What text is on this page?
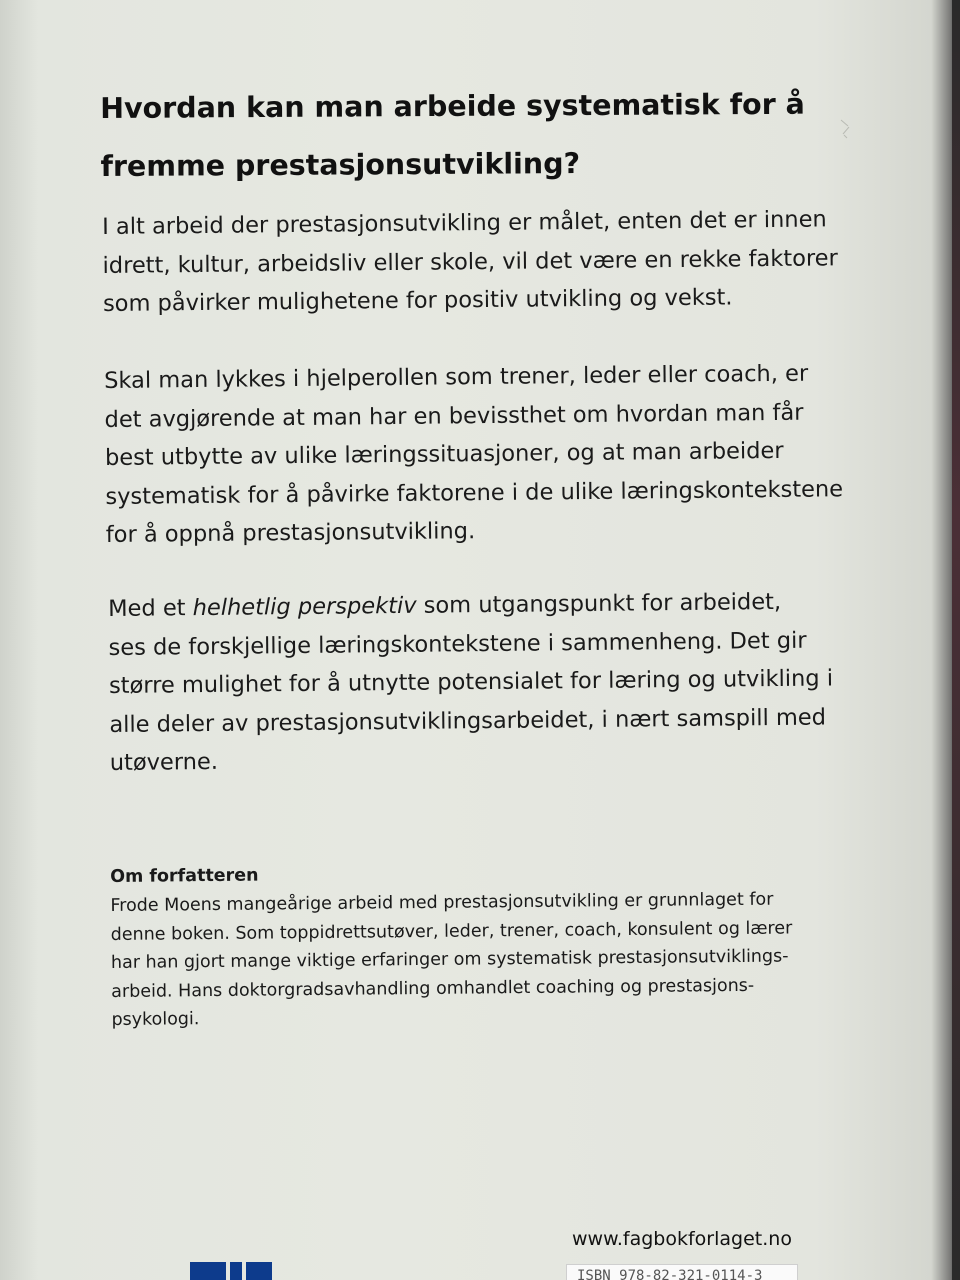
Hvordan kan man arbeide systematisk for å
fremme prestasjonsutvikling?
I alt arbeid der prestasjonsutvikling er målet, enten det er innen
idrett, kultur, arbeidsliv eller skole, vil det være en rekke faktorer
som påvirker mulighetene for positiv utvikling og vekst.
Skal man lykkes i hjelperollen som trener, leder eller coach, er
det avgjørende at man har en bevissthet om hvordan man får
best utbytte av ulike læringssituasjoner, og at man arbeider
systematisk for å påvirke faktorene i de ulike læringskontekstene
for å oppnå prestasjonsutvikling.
Med et helhetlig perspektiv som utgangspunkt for arbeidet,
ses de forskjellige læringskontekstene i sammenheng. Det gir
større mulighet for å utnytte potensialet for læring og utvikling i
alle deler av prestasjonsutviklingsarbeidet, i nært samspill med
utøverne.
Om forfatteren
Frode Moens mangeårige arbeid med prestasjonsutvikling er grunnlaget for
denne boken. Som toppidrettsutøver, leder, trener, coach, konsulent og lærer
har han gjort mange viktige erfaringer om systematisk prestasjonsutviklings-
arbeid. Hans doktorgradsavhandling omhandlet coaching og prestasjons-
psykologi.
www.fagbokforlaget.no
ISBN 978-82-321-0114-3
